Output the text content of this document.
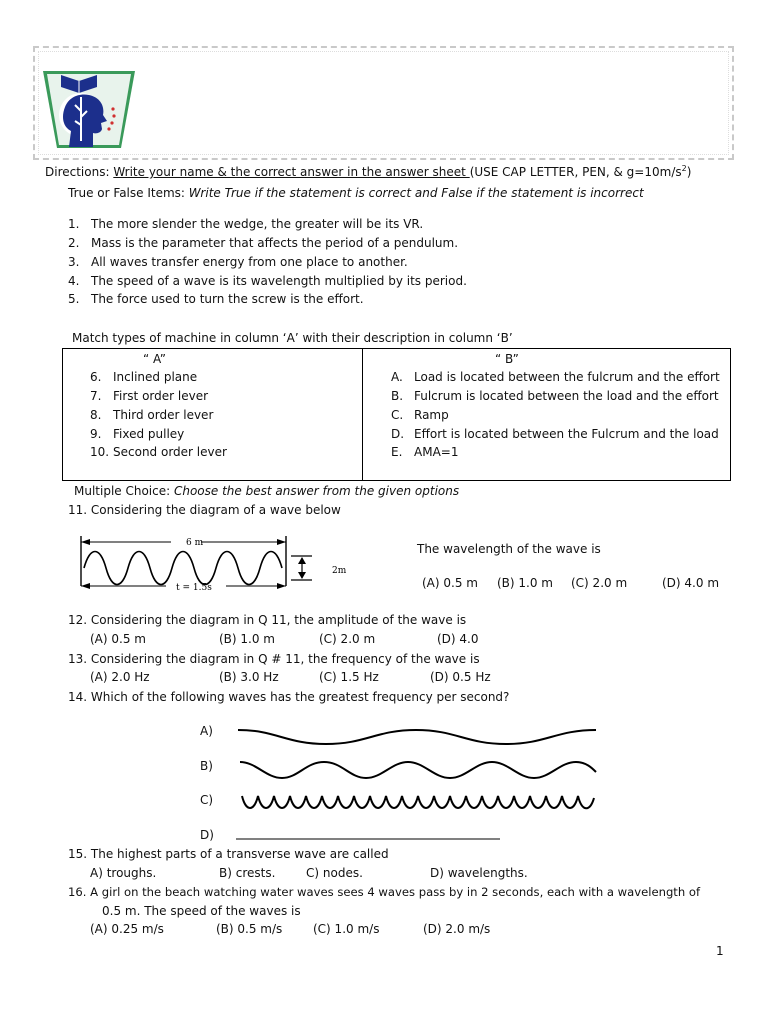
Directions: Write your name & the correct answer in the answer sheet (USE CAP LETTER, PEN, & $g=10m/s^2$)
True or False Items: Write True if the statement is correct and False if the statement is incorrect
1. The more slender the wedge, the greater will be its VR.
2. Mass is the parameter that affects the period of a pendulum.
3. All waves transfer energy from one place to another.
4. The speed of a wave is its wavelength multiplied by its period.
5. The force used to turn the screw is the effort.
Match types of machine in column ‘A’ with their description in column ‘B’
“ A”	“ B”
6. Inclined plane
7. First order lever
8. Third order lever
9. Fixed pulley
10. Second order lever
A. Load is located between the fulcrum and the effort
B. Fulcrum is located between the load and the effort
C. Ramp
D. Effort is located between the Fulcrum and the load
E. AMA=1
Multiple Choice: Choose the best answer from the given options
11. Considering the diagram of a wave below
6 m
2m
t = 1.5s
The wavelength of the wave is
(A) 0.5 m (B) 1.0 m (C) 2.0 m	(D) 4.0 m
12. Considering the diagram in Q 11, the amplitude of the wave is
(A) 0.5 m	(B) 1.0 m	(C) 2.0 m	(D) 4.0
13. Considering the diagram in Q # 11, the frequency of the wave is
(A) 2.0 Hz	(B) 3.0 Hz	(C) 1.5 Hz	(D) 0.5 Hz
14. Which of the following waves has the greatest frequency per second?
A)
B)
C)
D)
15. The highest parts of a transverse wave are called
A) troughs.	B) crests.	C) nodes.	D) wavelengths.
16. A girl on the beach watching water waves sees 4 waves pass by in 2 seconds, each with a wavelength of
0.5 m. The speed of the waves is
(A) 0.25 m/s	(B) 0.5 m/s	(C) 1.0 m/s	(D) 2.0 m/s
1
